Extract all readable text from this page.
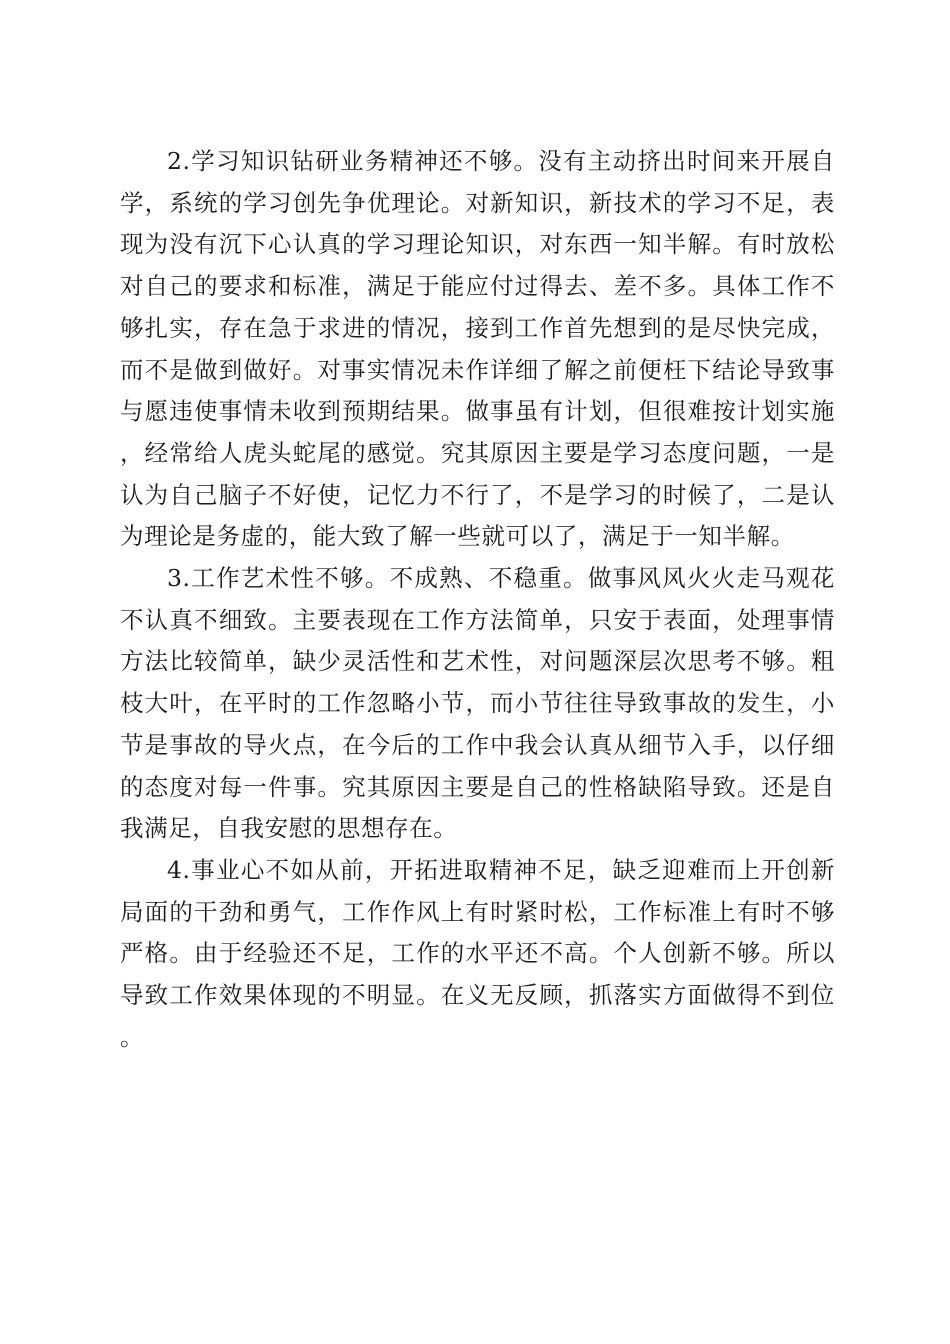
2.学习知识钻研业务精神还不够。没有主动挤出时间来开展自学，系统的学习创先争优理论。对新知识，新技术的学习不足，表现为没有沉下心认真的学习理论知识，对东西一知半解。有时放松对自己的要求和标准，满足于能应付过得去、差不多。具体工作不够扎实，存在急于求进的情况，接到工作首先想到的是尽快完成，而不是做到做好。对事实情况未作详细了解之前便枉下结论导致事与愿违使事情未收到预期结果。做事虽有计划，但很难按计划实施，经常给人虎头蛇尾的感觉。究其原因主要是学习态度问题，一是认为自己脑子不好使，记忆力不行了，不是学习的时候了，二是认为理论是务虚的，能大致了解一些就可以了，满足于一知半解。

3.工作艺术性不够。不成熟、不稳重。做事风风火火走马观花不认真不细致。主要表现在工作方法简单，只安于表面，处理事情方法比较简单，缺少灵活性和艺术性，对问题深层次思考不够。粗枝大叶，在平时的工作忽略小节，而小节往往导致事故的发生，小节是事故的导火点，在今后的工作中我会认真从细节入手，以仔细的态度对每一件事。究其原因主要是自己的性格缺陷导致。还是自我满足，自我安慰的思想存在。

4.事业心不如从前，开拓进取精神不足，缺乏迎难而上开创新局面的干劲和勇气，工作作风上有时紧时松，工作标准上有时不够严格。由于经验还不足，工作的水平还不高。个人创新不够。所以导致工作效果体现的不明显。在义无反顾，抓落实方面做得不到位。
